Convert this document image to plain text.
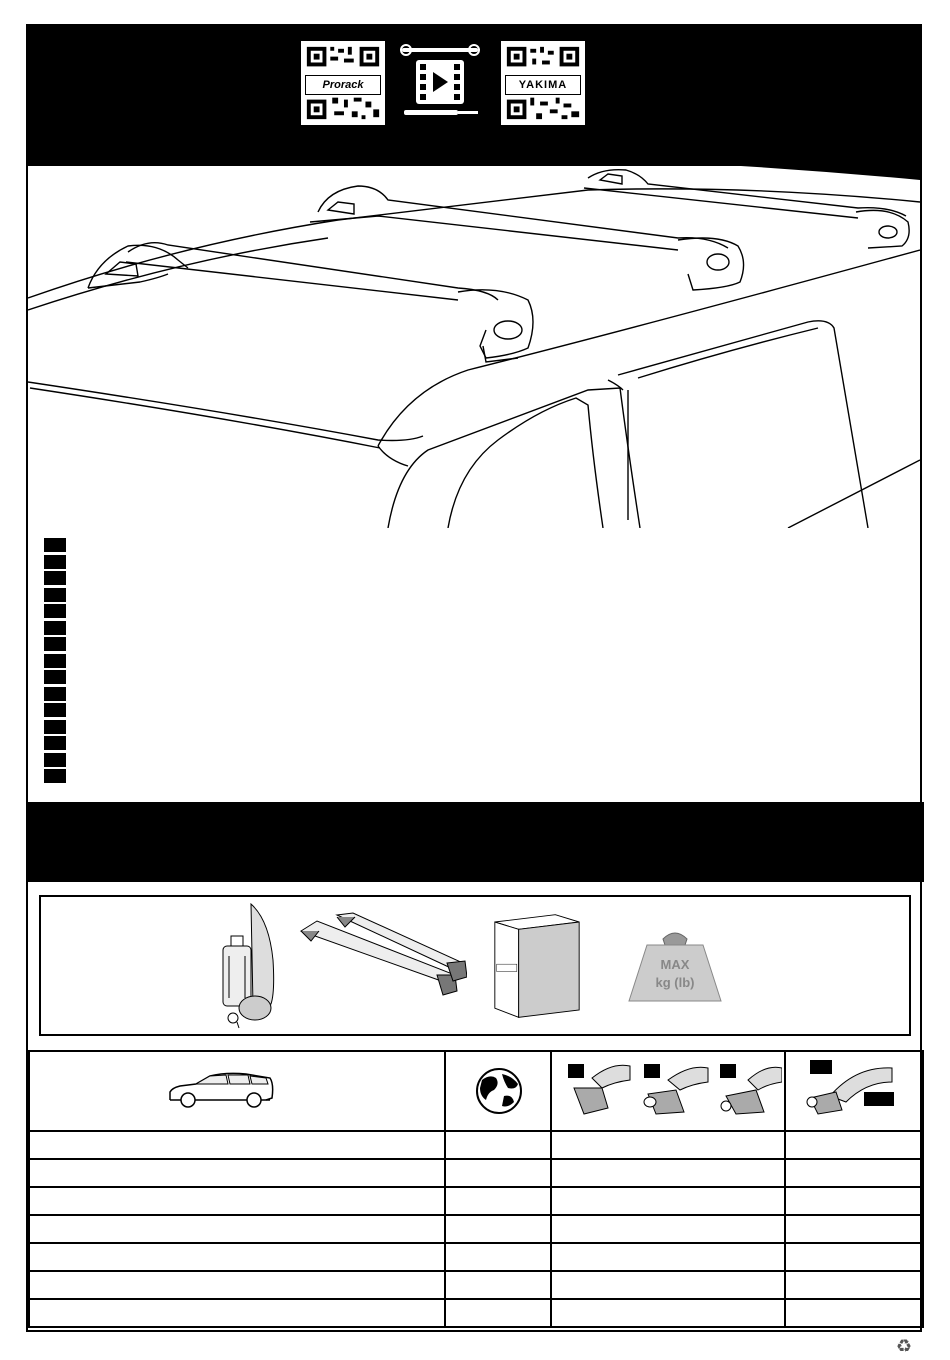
Prorack	YAKIMA
MAX
kg (lb)

♻
